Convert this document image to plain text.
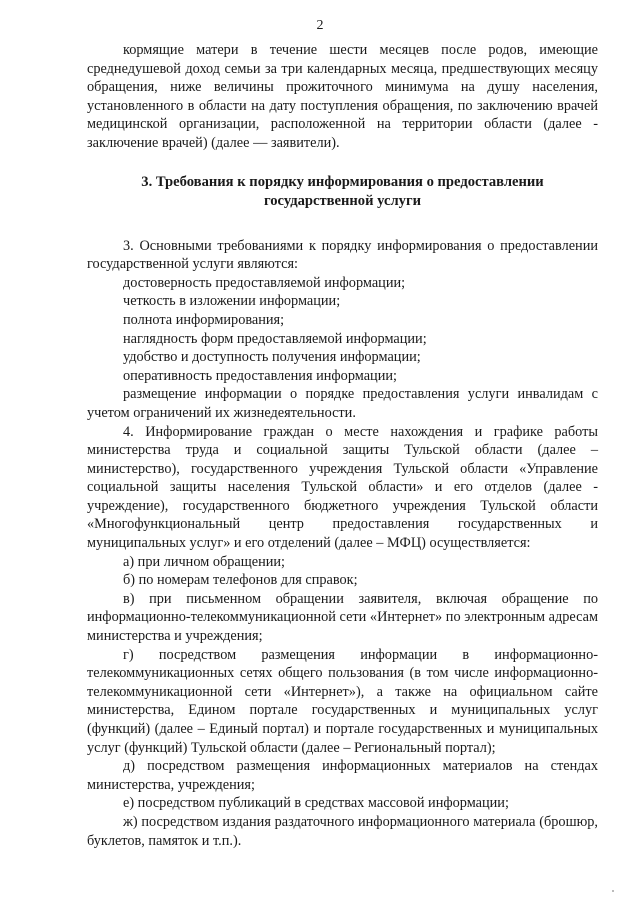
2

кормящие матери в течение шести месяцев после родов, имеющие среднедушевой доход семьи за три календарных месяца, предшествующих месяцу обращения, ниже величины прожиточного минимума на душу населения, установленного в области на дату поступления обращения, по заключению врачей медицинской организации, расположенной на территории области (далее - заключение врачей) (далее — заявители).

3. Требования к порядку информирования о предоставлении государственной услуги

3. Основными требованиями к порядку информирования о предоставлении государственной услуги являются:

достоверность предоставляемой информации;

четкость в изложении информации;

полнота информирования;

наглядность форм предоставляемой информации;

удобство и доступность получения информации;

оперативность предоставления информации;

размещение информации о порядке предоставления услуги инвалидам с учетом ограничений их жизнедеятельности.

4. Информирование граждан о месте нахождения и графике работы министерства труда и социальной защиты Тульской области (далее – министерство), государственного учреждения Тульской области «Управление социальной защиты населения Тульской области» и его отделов (далее - учреждение), государственного бюджетного учреждения Тульской области «Многофункциональный центр предоставления государственных и муниципальных услуг» и его отделений (далее – МФЦ) осуществляется:

а) при личном обращении;

б) по номерам телефонов для справок;

в) при письменном обращении заявителя, включая обращение по информационно-телекоммуникационной сети «Интернет» по электронным адресам министерства и учреждения;

г) посредством размещения информации в информационно-телекоммуникационных сетях общего пользования (в том числе информационно-телекоммуникационной сети «Интернет»), а также на официальном сайте министерства, Едином портале государственных и муниципальных услуг (функций) (далее – Единый портал) и портале государственных и муниципальных услуг (функций) Тульской области (далее – Региональный портал);

д) посредством размещения информационных материалов на стендах министерства, учреждения;

е) посредством публикаций в средствах массовой информации;

ж) посредством издания раздаточного информационного материала (брошюр, буклетов, памяток и т.п.).
